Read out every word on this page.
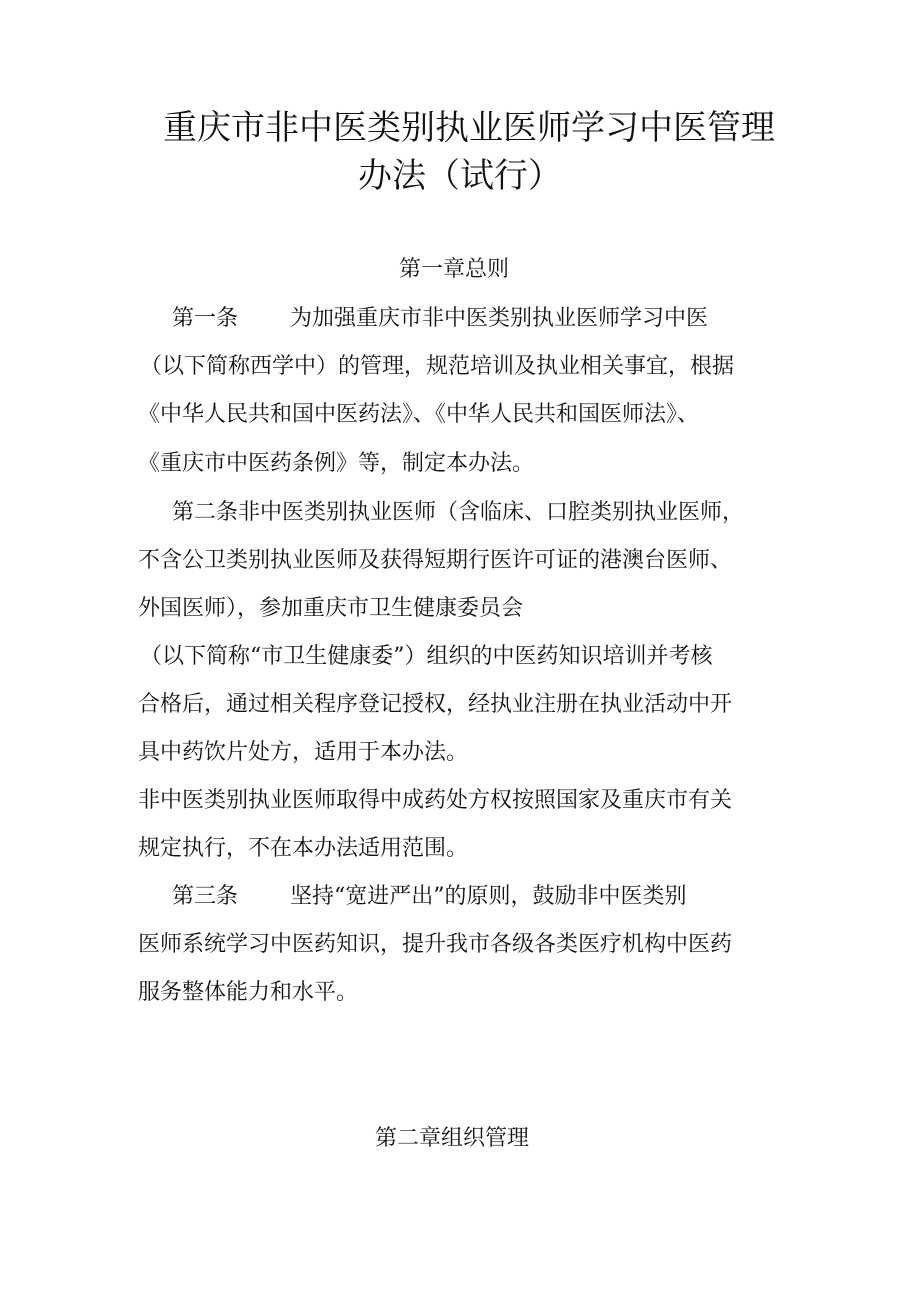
重庆市非中医类别执业医师学习中医管理
办法（试行）
第一章总则
第一条 为加强重庆市非中医类别执业医师学习中医
（以下简称西学中）的管理，规范培训及执业相关事宜，根据
《中华人民共和国中医药法》、《中华人民共和国医师法》、
《重庆市中医药条例》等，制定本办法。
第二条非中医类别执业医师（含临床、口腔类别执业医师，
不含公卫类别执业医师及获得短期行医许可证的港澳台医师、
外国医师），参加重庆市卫生健康委员会
（以下简称“市卫生健康委”）组织的中医药知识培训并考核
合格后，通过相关程序登记授权，经执业注册在执业活动中开
具中药饮片处方，适用于本办法。
非中医类别执业医师取得中成药处方权按照国家及重庆市有关
规定执行，不在本办法适用范围。
第三条 坚持“宽进严出”的原则，鼓励非中医类别
医师系统学习中医药知识，提升我市各级各类医疗机构中医药
服务整体能力和水平。
第二章组织管理
